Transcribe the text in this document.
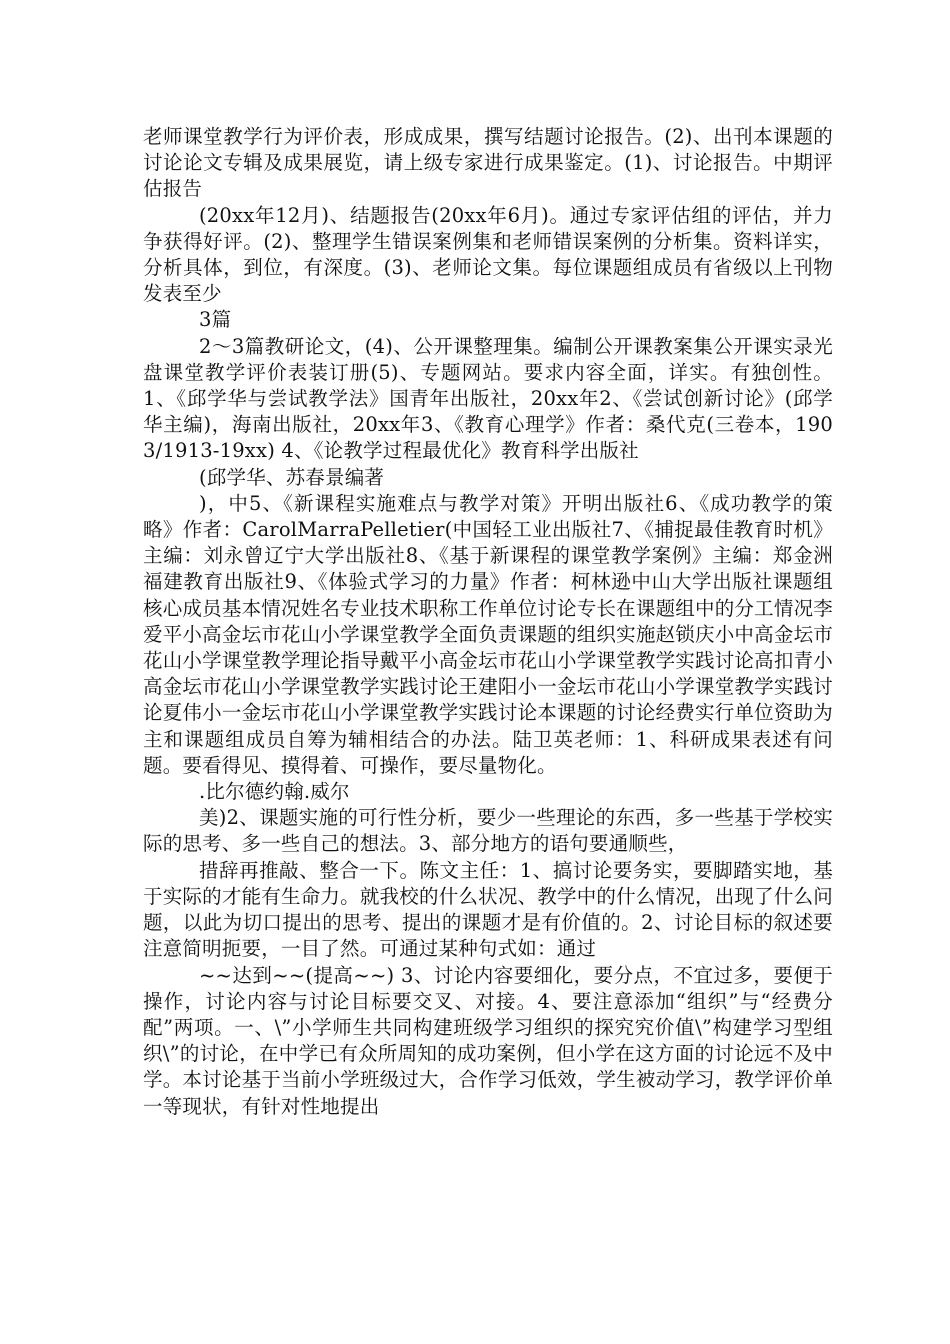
老师课堂教学行为评价表，形成成果，撰写结题讨论报告。(2)、出刊本课题的讨论论文专辑及成果展览，请上级专家进行成果鉴定。(1)、讨论报告。中期评估报告

(20xx年12月)、结题报告(20xx年6月)。通过专家评估组的评估，并力争获得好评。(2)、整理学生错误案例集和老师错误案例的分析集。资料详实，分析具体，到位，有深度。(3)、老师论文集。每位课题组成员有省级以上刊物发表至少

3篇

2～3篇教研论文，(4)、公开课整理集。编制公开课教案集公开课实录光盘课堂教学评价表装订册(5)、专题网站。要求内容全面，详实。有独创性。1、《邱学华与尝试教学法》国青年出版社，20xx年2、《尝试创新讨论》(邱学华主编)，海南出版社，20xx年3、《教育心理学》作者：桑代克(三卷本，1903/1913-19xx) 4、《论教学过程最优化》教育科学出版社

(邱学华、苏春景编著

)，中5、《新课程实施难点与教学对策》开明出版社6、《成功教学的策略》作者：CarolMarraPelletier(中国轻工业出版社7、《捕捉最佳教育时机》主编：刘永曾辽宁大学出版社8、《基于新课程的课堂教学案例》主编：郑金洲福建教育出版社9、《体验式学习的力量》作者：柯林逊中山大学出版社课题组核心成员基本情况姓名专业技术职称工作单位讨论专长在课题组中的分工情况李爱平小高金坛市花山小学课堂教学全面负责课题的组织实施赵锁庆小中高金坛市花山小学课堂教学理论指导戴平小高金坛市花山小学课堂教学实践讨论高扣青小高金坛市花山小学课堂教学实践讨论王建阳小一金坛市花山小学课堂教学实践讨论夏伟小一金坛市花山小学课堂教学实践讨论本课题的讨论经费实行单位资助为主和课题组成员自筹为辅相结合的办法。陆卫英老师：1、科研成果表述有问题。要看得见、摸得着、可操作，要尽量物化。

.比尔德约翰.威尔

美)2、课题实施的可行性分析，要少一些理论的东西，多一些基于学校实际的思考、多一些自己的想法。3、部分地方的语句要通顺些，

措辞再推敲、整合一下。陈文主任：1、搞讨论要务实，要脚踏实地，基于实际的才能有生命力。就我校的什么状况、教学中的什么情况，出现了什么问题，以此为切口提出的思考、提出的课题才是有价值的。2、讨论目标的叙述要注意简明扼要，一目了然。可通过某种句式如：通过

~~达到~~(提高~~) 3、讨论内容要细化，要分点，不宜过多，要便于操作，讨论内容与讨论目标要交叉、对接。4、要注意添加“组织”与“经费分配”两项。一、\”小学师生共同构建班级学习组织的探究究价值\”构建学习型组织\”的讨论，在中学已有众所周知的成功案例，但小学在这方面的讨论远不及中学。本讨论基于当前小学班级过大，合作学习低效，学生被动学习，教学评价单一等现状，有针对性地提出
